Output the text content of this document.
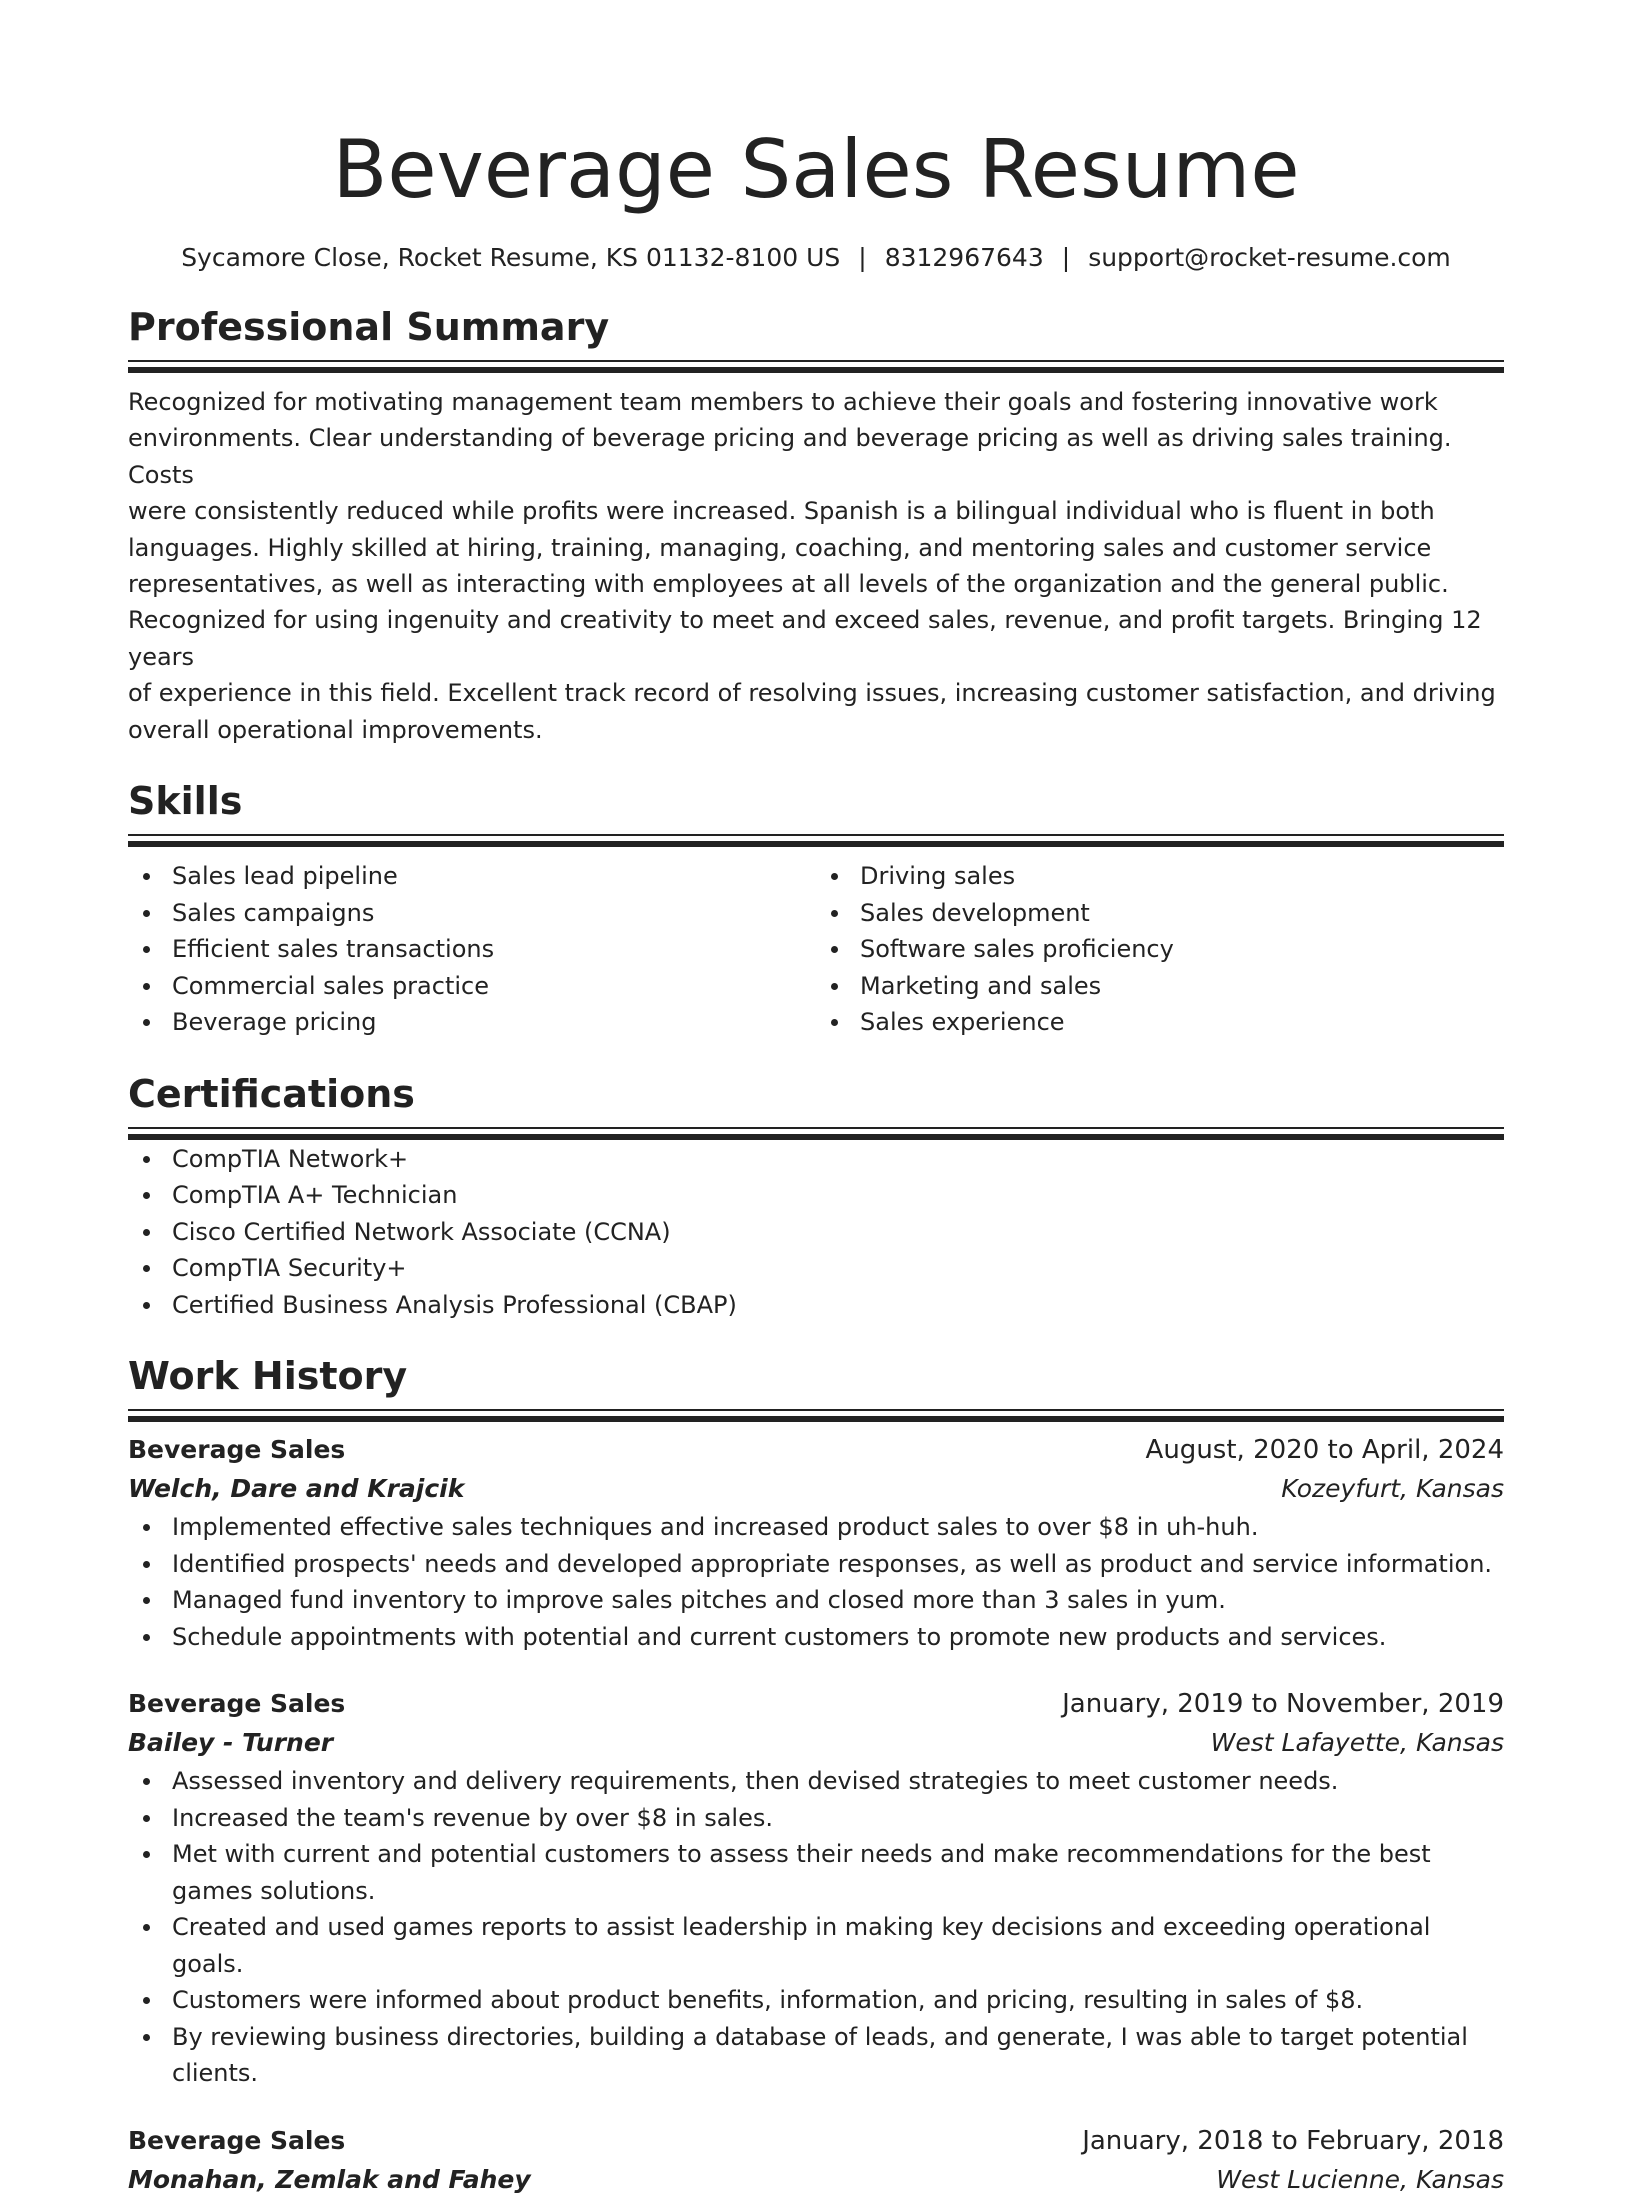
Beverage Sales Resume
Sycamore Close, Rocket Resume, KS 01132-8100 US | 8312967643 | support@rocket-resume.com
Professional Summary
Recognized for motivating management team members to achieve their goals and fostering innovative work
environments. Clear understanding of beverage pricing and beverage pricing as well as driving sales training. Costs
were consistently reduced while profits were increased. Spanish is a bilingual individual who is fluent in both
languages. Highly skilled at hiring, training, managing, coaching, and mentoring sales and customer service
representatives, as well as interacting with employees at all levels of the organization and the general public.
Recognized for using ingenuity and creativity to meet and exceed sales, revenue, and profit targets. Bringing 12 years
of experience in this field. Excellent track record of resolving issues, increasing customer satisfaction, and driving
overall operational improvements.
Skills
Sales lead pipeline
Sales campaigns
Efficient sales transactions
Commercial sales practice
Beverage pricing
Driving sales
Sales development
Software sales proficiency
Marketing and sales
Sales experience
Certifications
CompTIA Network+
CompTIA A+ Technician
Cisco Certified Network Associate (CCNA)
CompTIA Security+
Certified Business Analysis Professional (CBAP)
Work History
Beverage Sales	August, 2020 to April, 2024
Welch, Dare and Krajcik	Kozeyfurt, Kansas
Implemented effective sales techniques and increased product sales to over $8 in uh-huh.
Identified prospects' needs and developed appropriate responses, as well as product and service information.
Managed fund inventory to improve sales pitches and closed more than 3 sales in yum.
Schedule appointments with potential and current customers to promote new products and services.
Beverage Sales	January, 2019 to November, 2019
Bailey - Turner	West Lafayette, Kansas
Assessed inventory and delivery requirements, then devised strategies to meet customer needs.
Increased the team's revenue by over $8 in sales.
Met with current and potential customers to assess their needs and make recommendations for the best games solutions.
Created and used games reports to assist leadership in making key decisions and exceeding operational goals.
Customers were informed about product benefits, information, and pricing, resulting in sales of $8.
By reviewing business directories, building a database of leads, and generate, I was able to target potential clients.
Beverage Sales	January, 2018 to February, 2018
Monahan, Zemlak and Fahey	West Lucienne, Kansas
